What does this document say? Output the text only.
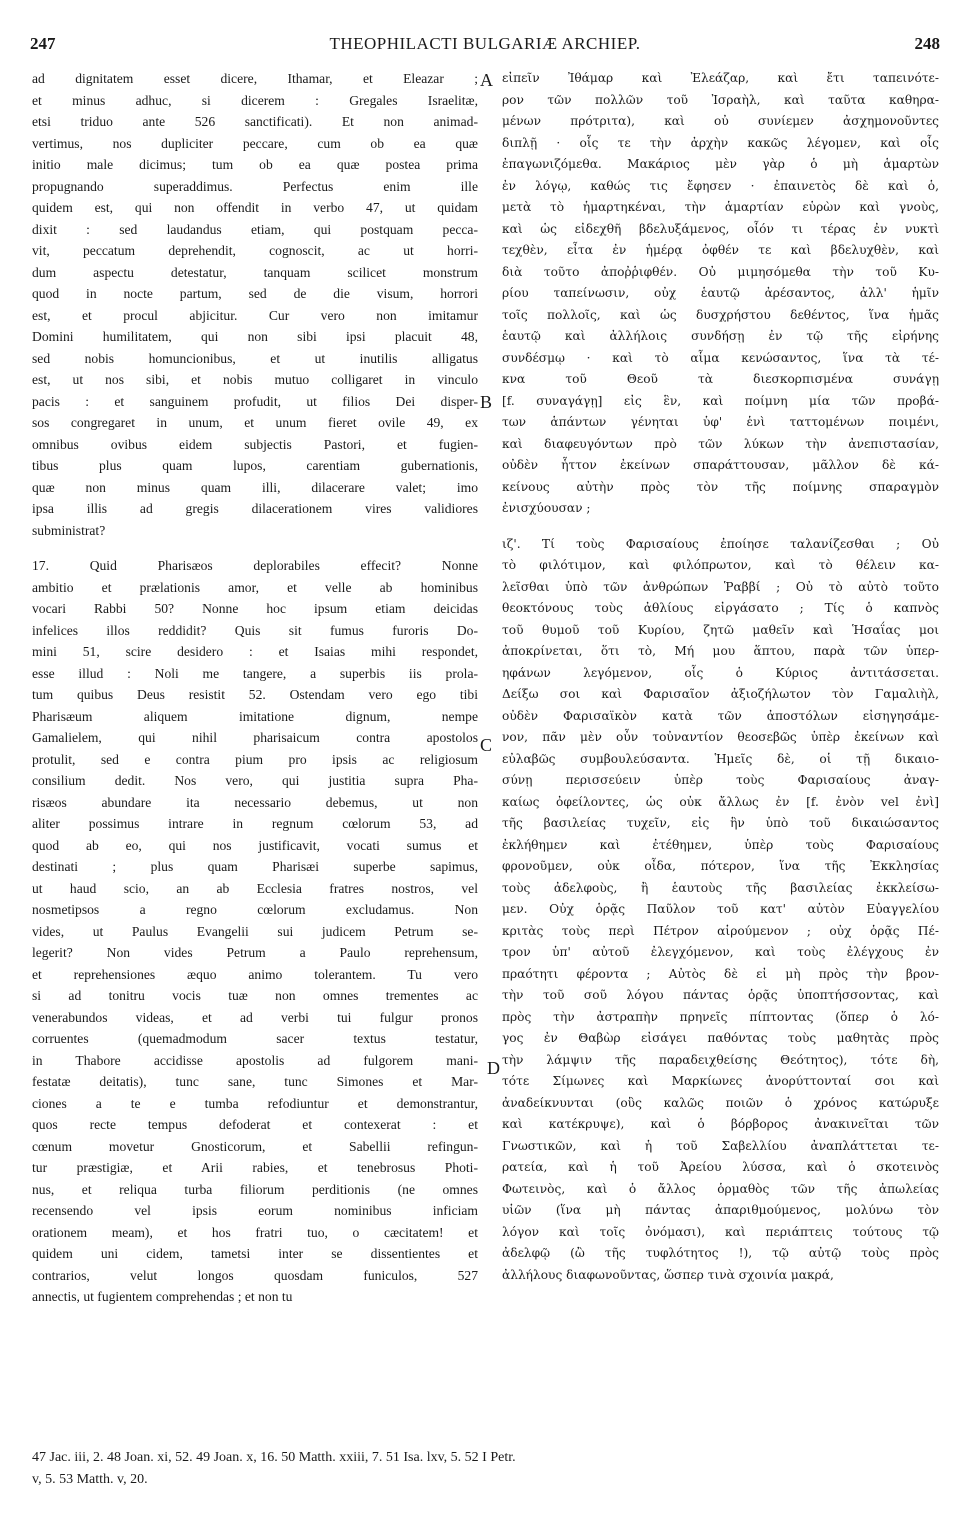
247	THEOPHILACTI BULGARIÆ ARCHIEP.	248
ad dignitatem esset dicere, Ithamar, et Eleazar ;
et minus adhuc, si dicerem : Gregales Israelitæ,
etsi triduo ante 526 sanctificati). Et non animad-
vertimus, nos dupliciter peccare, cum ob ea quæ
initio male dicimus; tum ob ea quæ postea prima
propugnando superaddimus. Perfectus enim ille
quidem est, qui non offendit in verbo 47, ut quidam
dixit : sed laudandus etiam, qui postquam pecca-
vit, peccatum deprehendit, cognoscit, ac ut horri-
dum aspectu detestatur, tanquam scilicet monstrum
quod in nocte partum, sed de die visum, horrori
est, et procul abjicitur. Cur vero non imitamur
Domini humilitatem, qui non sibi ipsi placuit 48,
sed nobis homuncionibus, et ut inutilis alligatus
est, ut nos sibi, et nobis mutuo colligaret in vinculo
pacis : et sanguinem profudit, ut filios Dei disper-
sos congregaret in unum, et unum fieret ovile 49, ex
omnibus ovibus eidem subjectis Pastori, et fugien-
tibus plus quam lupos, carentiam gubernationis,
quæ non minus quam illi, dilacerare valet; imo
ipsa illis ad gregis dilacerationem vires validiores
subministrat?
17. Quid Pharisæos deplorabiles effecit? Nonne
ambitio et prælationis amor, et velle ab hominibus
vocari Rabbi 50? Nonne hoc ipsum etiam deicidas
infelices illos reddidit? Quis sit fumus furoris Do-
mini 51, scire desidero : et Isaias mihi respondet,
esse illud : Noli me tangere, a superbis iis prola-
tum quibus Deus resistit 52. Ostendam vero ego tibi
Pharisæum aliquem imitatione dignum, nempe
Gamalielem, qui nihil pharisaicum contra apostolos
protulit, sed e contra pium pro ipsis ac religiosum
consilium dedit. Nos vero, qui justitia supra Pha-
risæos abundare ita necessario debemus, ut non
aliter possimus intrare in regnum cœlorum 53, ad
quod ab eo, qui nos justificavit, vocati sumus et
destinati ; plus quam Pharisæi superbe sapimus,
ut haud scio, an ab Ecclesia fratres nostros, vel
nosmetipsos a regno cœlorum excludamus. Non
vides, ut Paulus Evangelii sui judicem Petrum se-
legerit? Non vides Petrum a Paulo reprehensum,
et reprehensiones æquo animo tolerantem. Tu vero
si ad tonitru vocis tuæ non omnes trementes ac
venerabundos videas, et ad verbi tui fulgur pronos
corruentes (quemadmodum sacer textus testatur,
in Thabore accidisse apostolis ad fulgorem mani-
festatæ deitatis), tunc sane, tunc Simones et Mar-
ciones a te e tumba refodiuntur et demonstrantur,
quos recte tempus defoderat et contexerat : et
cœnum movetur Gnosticorum, et Sabellii refingun-
tur præstigiæ, et Arii rabies, et tenebrosus Photi-
nus, et reliqua turba filiorum perditionis (ne omnes
recensendo vel ipsis eorum nominibus inficiam
orationem meam), et hos fratri tuo, o cæcitatem! et
quidem uni cidem, tametsi inter se dissentientes et
contrarios, velut longos quosdam funiculos, 527
annectis, ut fugientem comprehendas ; et non tu
εἰπεῖν Ἰθάμαρ καὶ Ἐλεάζαρ, καὶ ἔτι ταπεινότε-
ρον τῶν πολλῶν τοῦ Ἰσραὴλ, καὶ ταῦτα καθηρα-
μένων πρότριτα), καὶ οὐ συνίεμεν ἀσχημονοῦντες
διπλῇ · οἷς τε τὴν ἀρχὴν κακῶς λέγομεν, καὶ οἷς
ἐπαγωνιζόμεθα. Μακάριος μὲν γὰρ ὁ μὴ ἁμαρτὼν
ἐν λόγῳ, καθώς τις ἔφησεν · ἐπαινετὸς δὲ καὶ ὁ,
μετὰ τὸ ἡμαρτηκέναι, τὴν ἁμαρτίαν εὑρὼν καὶ γνοὺς,
καὶ ὡς εἰδεχθῆ βδελυξάμενος, οἷόν τι τέρας ἐν νυκτὶ
τεχθὲν, εἶτα ἐν ἡμέρᾳ ὀφθέν τε καὶ βδελυχθὲν, καὶ
διὰ τοῦτο ἀποῤῥιφθέν. Οὐ μιμησόμεθα τὴν τοῦ Κυ-
ρίου ταπείνωσιν, οὐχ ἑαυτῷ ἀρέσαντος, ἀλλ' ἡμῖν
τοῖς πολλοῖς, καὶ ὡς δυσχρήστου δεθέντος, ἵνα ἡμᾶς
ἑαυτῷ καὶ ἀλλήλοις συνδήσῃ ἐν τῷ τῆς εἰρήνης
συνδέσμῳ · καὶ τὸ αἷμα κενώσαντος, ἵνα τὰ τέ-
κνα τοῦ Θεοῦ τὰ διεσκορπισμένα συνάγῃ
[f. συναγάγῃ] εἰς ἓν, καὶ ποίμνη μία τῶν προβά-
των ἁπάντων γένηται ὑφ' ἑνὶ ταττομένων ποιμένι,
καὶ διαφευγόντων πρὸ τῶν λύκων τὴν ἀνεπιστασίαν,
οὐδὲν ἧττον ἐκείνων σπαράττουσαν, μᾶλλον δὲ κά-
κείνους αὐτὴν πρὸς τὸν τῆς ποίμνης σπαραγμὸν
ἐνισχύουσαν ;
ιζ'. Τί τοὺς Φαρισαίους ἐποίησε ταλανίζεσθαι ; Οὐ
τὸ φιλότιμον, καὶ φιλόπρωτον, καὶ τὸ θέλειν κα-
λεῖσθαι ὑπὸ τῶν ἀνθρώπων Ῥαββί ; Οὐ τὸ αὐτὸ τοῦτο
θεοκτόνους τοὺς ἀθλίους εἰργάσατο ; Τίς ὁ καπνὸς
τοῦ θυμοῦ τοῦ Κυρίου, ζητῶ μαθεῖν καὶ Ἡσαΐας μοι
ἀποκρίνεται, ὅτι τὸ, Μή μου ἅπτου, παρὰ τῶν ὑπερ-
ηφάνων λεγόμενον, οἷς ὁ Κύριος ἀντιτάσσεται.
Δείξω σοι καὶ Φαρισαῖον ἀξιοζήλωτον τὸν Γαμαλιὴλ,
οὐδὲν Φαρισαϊκὸν κατὰ τῶν ἀποστόλων εἰσηγησάμε-
νον, πᾶν μὲν οὖν τοὐναντίον θεοσεβῶς ὑπὲρ ἐκείνων καὶ
εὐλαβῶς συμβουλεύσαντα. Ἡμεῖς δὲ, οἱ τῇ δικαιο-
σύνῃ περισσεύειν ὑπὲρ τοὺς Φαρισαίους ἀναγ-
καίως ὀφείλοντες, ὡς οὐκ ἄλλως ἐν [f. ἐνὸν vel ἐνὶ]
τῆς βασιλείας τυχεῖν, εἰς ἣν ὑπὸ τοῦ δικαιώσαντος
ἐκλήθημεν καὶ ἐτέθημεν, ὑπὲρ τοὺς Φαρισαίους
φρονοῦμεν, οὐκ οἶδα, πότερον, ἵνα τῆς Ἐκκλησίας
τοὺς ἀδελφοὺς, ἢ ἑαυτοὺς τῆς βασιλείας ἐκκλείσω-
μεν. Οὐχ ὁρᾷς Παῦλον τοῦ κατ' αὐτὸν Εὐαγγελίου
κριτὰς τοὺς περὶ Πέτρον αἱρούμενον ; οὐχ ὁρᾷς Πέ-
τρον ὑπ' αὐτοῦ ἐλεγχόμενον, καὶ τοὺς ἐλέγχους ἐν
πραότητι φέροντα ; Αὐτὸς δὲ εἰ μὴ πρὸς τὴν βρον-
τὴν τοῦ σοῦ λόγου πάντας ὁρᾷς ὑποπτήσσοντας, καὶ
πρὸς τὴν ἀστραπὴν πρηνεῖς πίπτοντας (ὅπερ ὁ λό-
γος ἐν Θαβὼρ εἰσάγει παθόντας τοὺς μαθητὰς πρὸς
τὴν λάμψιν τῆς παραδειχθείσης Θεότητος), τότε δὴ,
τότε Σίμωνες καὶ Μαρκίωνες ἀνορύττονταί σοι καὶ
ἀναδείκνυνται (οὓς καλῶς ποιῶν ὁ χρόνος κατώρυξε
καὶ κατέκρυψε), καὶ ὁ βόρβορος ἀνακινεῖται τῶν
Γνωστικῶν, καὶ ἡ τοῦ Σαβελλίου ἀναπλάττεται τε-
ρατεία, καὶ ἡ τοῦ Ἀρείου λύσσα, καὶ ὁ σκοτεινὸς
Φωτεινὸς, καὶ ὁ ἄλλος ὁρμαθὸς τῶν τῆς ἀπωλείας
υἱῶν (ἵνα μὴ πάντας ἀπαριθμούμενος, μολύνω τὸν
λόγον καὶ τοῖς ὀνόμασι), καὶ περιάπτεις τούτους τῷ
ἀδελφῷ (ὢ τῆς τυφλότητος !), τῷ αὐτῷ τοὺς πρὸς
ἀλλήλους διαφωνοῦντας, ὥσπερ τινὰ σχοινία μακρά,
A
B
C
D
47 Jac. iii, 2. 48 Joan. xi, 52. 49 Joan. x, 16. 50 Matth. xxiii, 7. 51 Isa. lxv, 5. 52 I Petr.
v, 5. 53 Matth. v, 20.
